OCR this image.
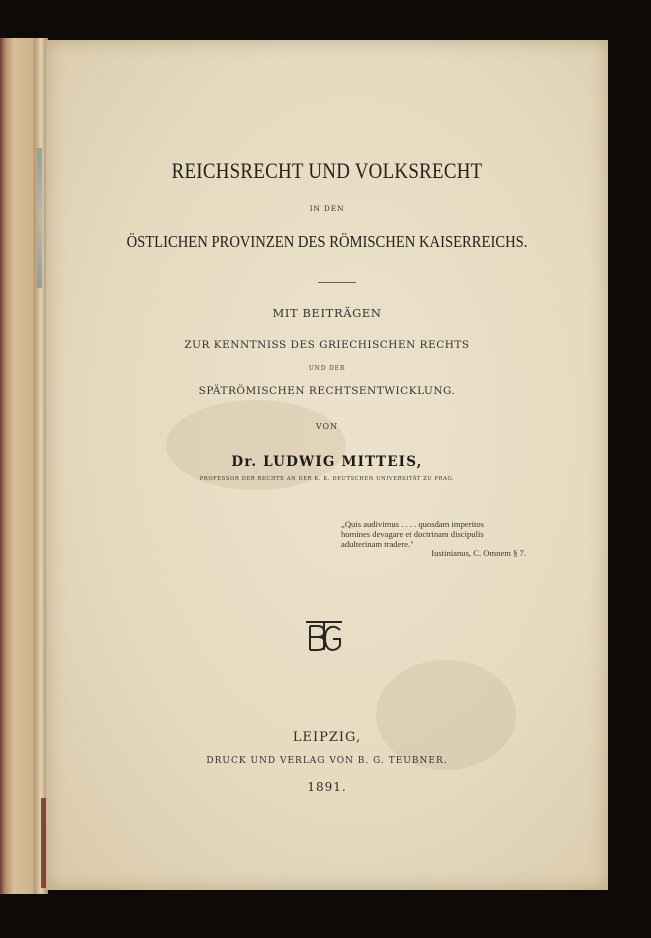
REICHSRECHT UND VOLKSRECHT
IN DEN
ÖSTLICHEN PROVINZEN DES RÖMISCHEN KAISERREICHS.
MIT BEITRÄGEN
ZUR KENNTNISS DES GRIECHISCHEN RECHTS
UND DER
SPÄTRÖMISCHEN RECHTSENTWICKLUNG.
VON
Dr. LUDWIG MITTEIS,
PROFESSOR DER RECHTE AN DER K. K. DEUTSCHEN UNIVERSITÄT ZU PRAG.
„Quis audivimus . . . . quosdam imperitos
homines devagare et doctrinam discipulis
adulterinam tradere."
Iustinianus, C. Omnem § 7.
LEIPZIG,
DRUCK UND VERLAG VON B. G. TEUBNER.
1891.
